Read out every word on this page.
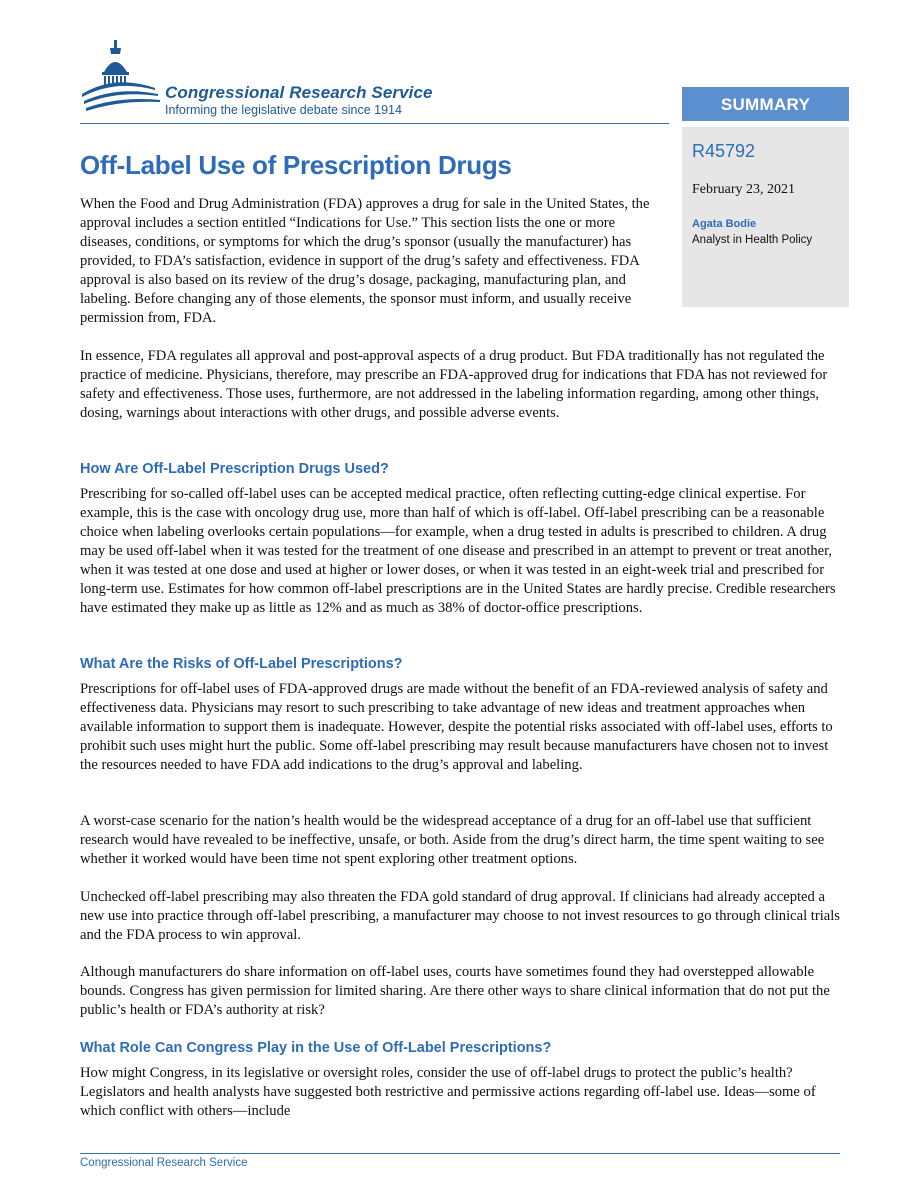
Congressional Research Service
Informing the legislative debate since 1914	SUMMARY
R45792
February 23, 2021
Agata Bodie
Analyst in Health Policy
Off-Label Use of Prescription Drugs

When the Food and Drug Administration (FDA) approves a drug for sale in the United States, the approval includes a section entitled “Indications for Use.” This section lists the one or more diseases, conditions, or symptoms for which the drug’s sponsor (usually the manufacturer) has provided, to FDA’s satisfaction, evidence in support of the drug’s safety and effectiveness. FDA approval is also based on its review of the drug’s dosage, packaging, manufacturing plan, and labeling. Before changing any of those elements, the sponsor must inform, and usually receive permission from, FDA.

In essence, FDA regulates all approval and post-approval aspects of a drug product. But FDA traditionally has not regulated the practice of medicine. Physicians, therefore, may prescribe an FDA-approved drug for indications that FDA has not reviewed for safety and effectiveness. Those uses, furthermore, are not addressed in the labeling information regarding, among other things, dosing, warnings about interactions with other drugs, and possible adverse events.

How Are Off-Label Prescription Drugs Used?

Prescribing for so-called off-label uses can be accepted medical practice, often reflecting cutting-edge clinical expertise. For example, this is the case with oncology drug use, more than half of which is off-label. Off-label prescribing can be a reasonable choice when labeling overlooks certain populations—for example, when a drug tested in adults is prescribed to children. A drug may be used off-label when it was tested for the treatment of one disease and prescribed in an attempt to prevent or treat another, when it was tested at one dose and used at higher or lower doses, or when it was tested in an eight-week trial and prescribed for long-term use. Estimates for how common off-label prescriptions are in the United States are hardly precise. Credible researchers have estimated they make up as little as 12% and as much as 38% of doctor-office prescriptions.

What Are the Risks of Off-Label Prescriptions?

Prescriptions for off-label uses of FDA-approved drugs are made without the benefit of an FDA-reviewed analysis of safety and effectiveness data. Physicians may resort to such prescribing to take advantage of new ideas and treatment approaches when available information to support them is inadequate. However, despite the potential risks associated with off-label uses, efforts to prohibit such uses might hurt the public. Some off-label prescribing may result because manufacturers have chosen not to invest the resources needed to have FDA add indications to the drug’s approval and labeling.

A worst-case scenario for the nation’s health would be the widespread acceptance of a drug for an off-label use that sufficient research would have revealed to be ineffective, unsafe, or both. Aside from the drug’s direct harm, the time spent waiting to see whether it worked would have been time not spent exploring other treatment options.

Unchecked off-label prescribing may also threaten the FDA gold standard of drug approval. If clinicians had already accepted a new use into practice through off-label prescribing, a manufacturer may choose to not invest resources to go through clinical trials and the FDA process to win approval.

Although manufacturers do share information on off-label uses, courts have sometimes found they had overstepped allowable bounds. Congress has given permission for limited sharing. Are there other ways to share clinical information that do not put the public’s health or FDA’s authority at risk?

What Role Can Congress Play in the Use of Off-Label Prescriptions?

How might Congress, in its legislative or oversight roles, consider the use of off-label drugs to protect the public’s health? Legislators and health analysts have suggested both restrictive and permissive actions regarding off-label use. Ideas—some of which conflict with others—include

Congressional Research Service
